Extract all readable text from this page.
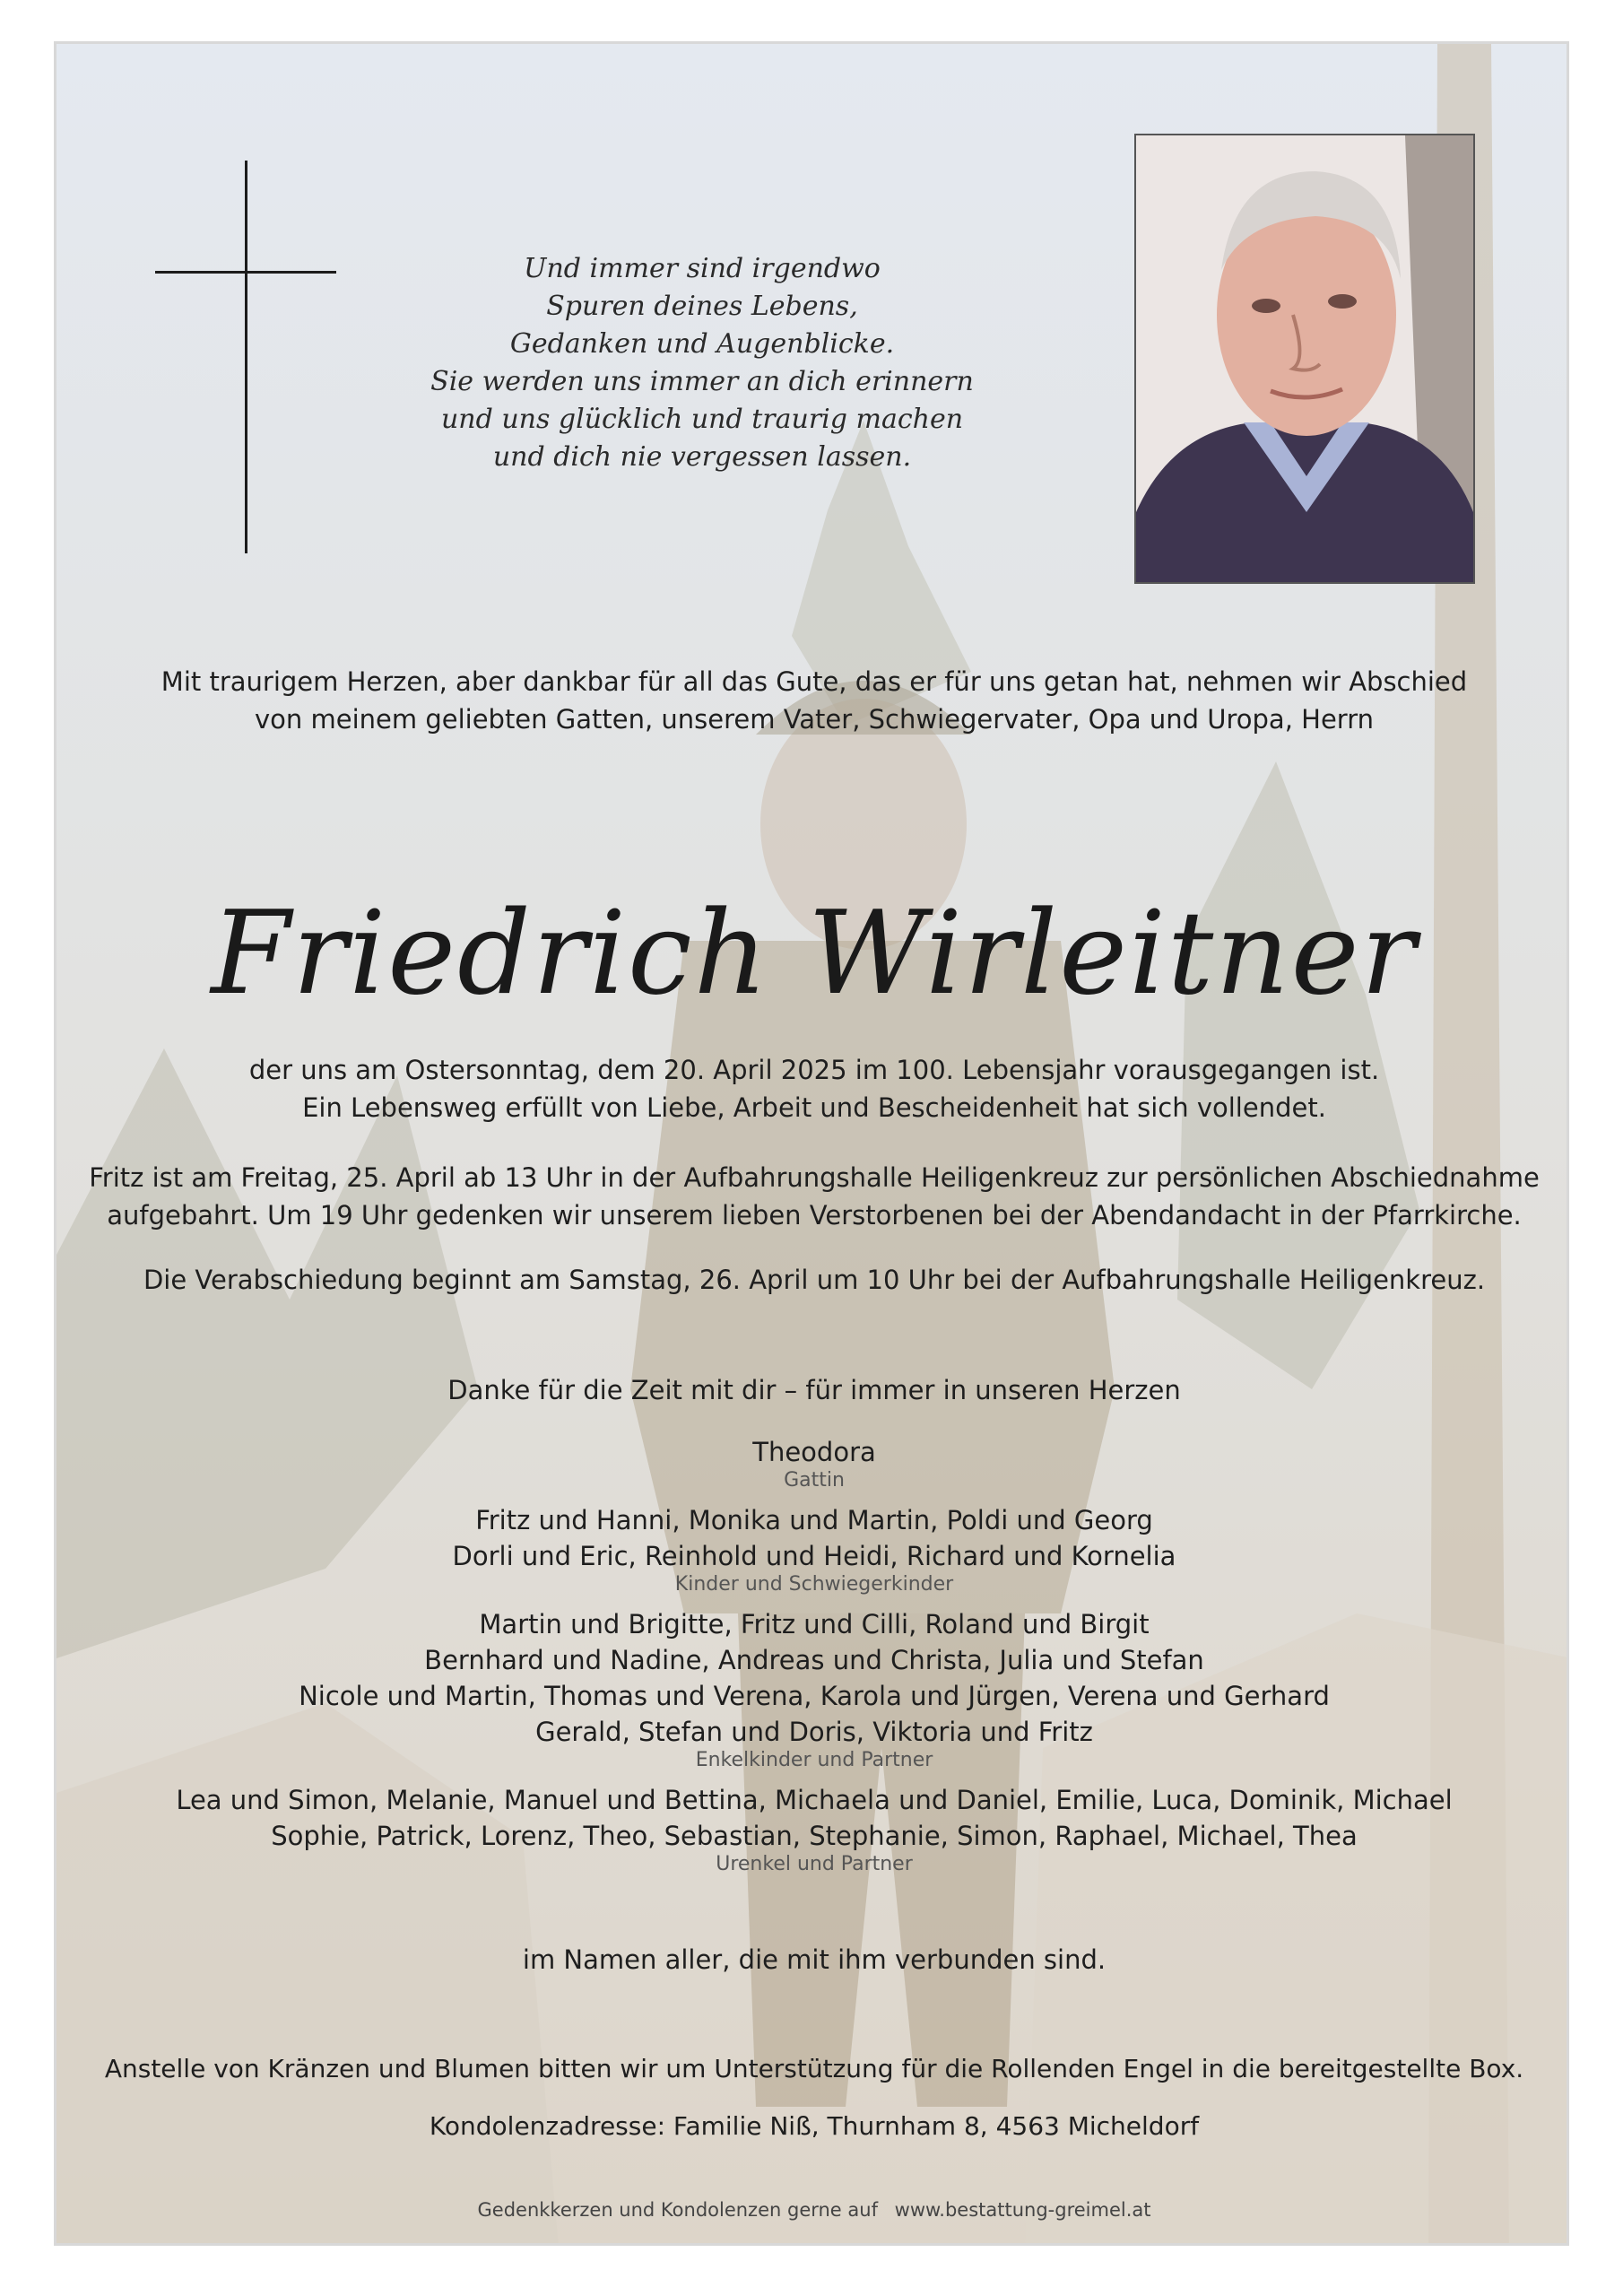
Und immer sind irgendwo
Spuren deines Lebens,
Gedanken und Augenblicke.
Sie werden uns immer an dich erinnern
und uns glücklich und traurig machen
und dich nie vergessen lassen.
Mit traurigem Herzen, aber dankbar für all das Gute, das er für uns getan hat, nehmen wir Abschied
von meinem geliebten Gatten, unserem Vater, Schwiegervater, Opa und Uropa, Herrn
Friedrich Wirleitner
der uns am Ostersonntag, dem 20. April 2025 im 100. Lebensjahr vorausgegangen ist.
Ein Lebensweg erfüllt von Liebe, Arbeit und Bescheidenheit hat sich vollendet.
Fritz ist am Freitag, 25. April ab 13 Uhr in der Aufbahrungshalle Heiligenkreuz zur persönlichen Abschiednahme
aufgebahrt. Um 19 Uhr gedenken wir unserem lieben Verstorbenen bei der Abendandacht in der Pfarrkirche.
Die Verabschiedung beginnt am Samstag, 26. April um 10 Uhr bei der Aufbahrungshalle Heiligenkreuz.
Danke für die Zeit mit dir – für immer in unseren Herzen
Theodora
Gattin
Fritz und Hanni, Monika und Martin, Poldi und Georg
Dorli und Eric, Reinhold und Heidi, Richard und Kornelia
Kinder und Schwiegerkinder
Martin und Brigitte, Fritz und Cilli, Roland und Birgit
Bernhard und Nadine, Andreas und Christa, Julia und Stefan
Nicole und Martin, Thomas und Verena, Karola und Jürgen, Verena und Gerhard
Gerald, Stefan und Doris, Viktoria und Fritz
Enkelkinder und Partner
Lea und Simon, Melanie, Manuel und Bettina, Michaela und Daniel, Emilie, Luca, Dominik, Michael
Sophie, Patrick, Lorenz, Theo, Sebastian, Stephanie, Simon, Raphael, Michael, Thea
Urenkel und Partner
im Namen aller, die mit ihm verbunden sind.
Anstelle von Kränzen und Blumen bitten wir um Unterstützung für die Rollenden Engel in die bereitgestellte Box.
Kondolenzadresse: Familie Niß, Thurnham 8, 4563 Micheldorf
Gedenkkerzen und Kondolenzen gerne auf www.bestattung-greimel.at
